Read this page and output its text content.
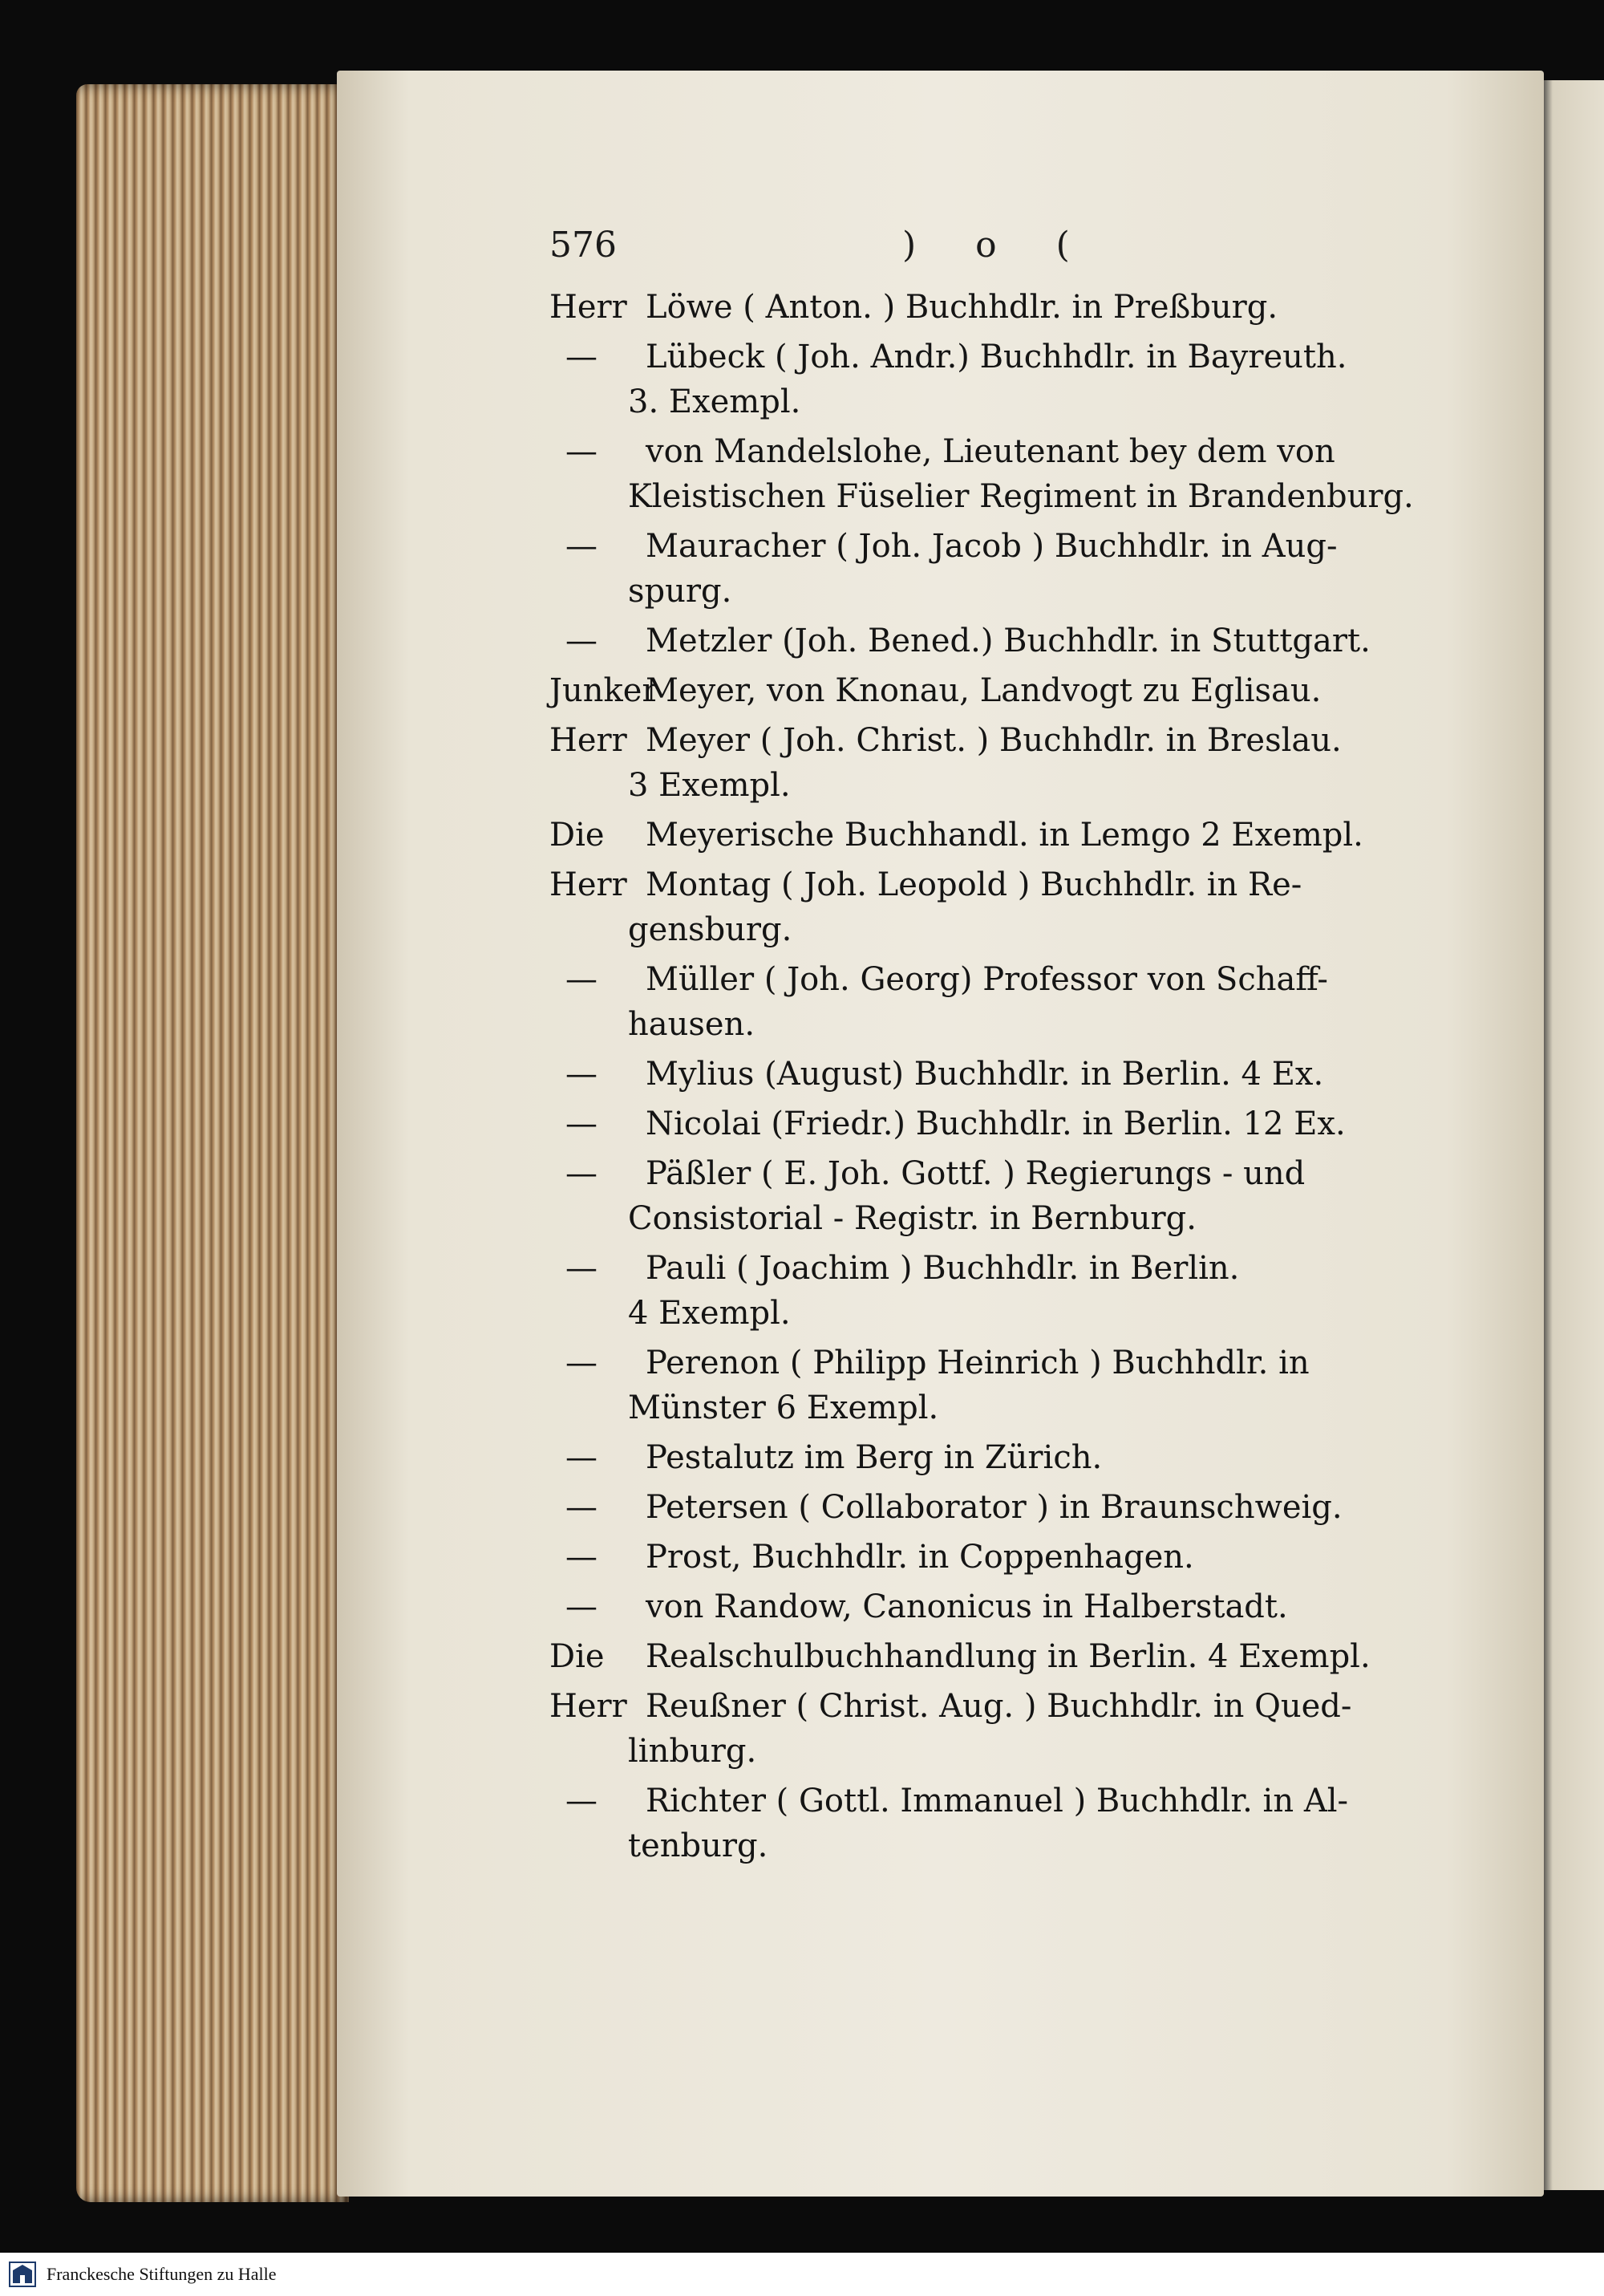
576	) o (
Herr Löwe ( Anton. ) Buchhdlr. in Preßburg.
— Lübeck ( Joh. Andr.) Buchhdlr. in Bayreuth.
3. Exempl.
— von Mandelslohe, Lieutenant bey dem von
Kleistischen Füselier Regiment in Brandenburg.
— Mauracher ( Joh. Jacob ) Buchhdlr. in Aug-
spurg.
— Metzler (Joh. Bened.) Buchhdlr. in Stuttgart.
JunkerMeyer, von Knonau, Landvogt zu Eglisau.
Herr Meyer ( Joh. Christ. ) Buchhdlr. in Breslau.
3 Exempl.
Die Meyerische Buchhandl. in Lemgo 2 Exempl.
Herr Montag ( Joh. Leopold ) Buchhdlr. in Re-
gensburg.
— Müller ( Joh. Georg) Professor von Schaff-
hausen.
— Mylius (August) Buchhdlr. in Berlin. 4 Ex.
— Nicolai (Friedr.) Buchhdlr. in Berlin. 12 Ex.
— Päßler ( E. Joh. Gottf. ) Regierungs - und
Consistorial - Registr. in Bernburg.
— Pauli ( Joachim ) Buchhdlr. in Berlin.
4 Exempl.
— Perenon ( Philipp Heinrich ) Buchhdlr. in
Münster 6 Exempl.
— Pestalutz im Berg in Zürich.
— Petersen ( Collaborator ) in Braunschweig.
— Prost, Buchhdlr. in Coppenhagen.
— von Randow, Canonicus in Halberstadt.
Die Realschulbuchhandlung in Berlin. 4 Exempl.
Herr Reußner ( Christ. Aug. ) Buchhdlr. in Qued-
linburg.
— Richter ( Gottl. Immanuel ) Buchhdlr. in Al-
tenburg.
Franckesche Stiftungen zu Halle
